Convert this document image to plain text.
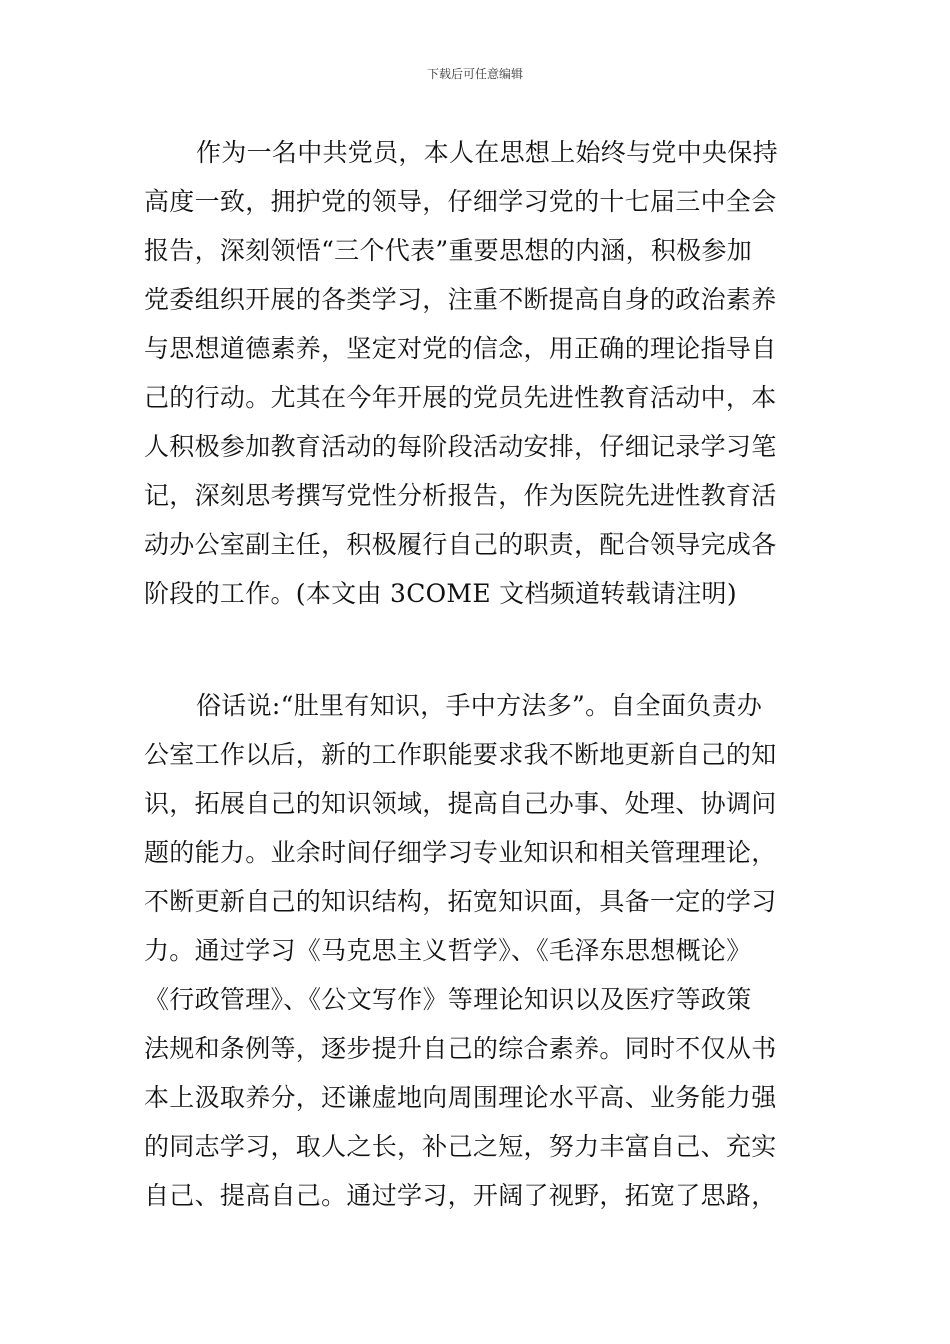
下载后可任意编辑
作为一名中共党员，本人在思想上始终与党中央保持
高度一致，拥护党的领导，仔细学习党的十七届三中全会
报告，深刻领悟“三个代表”重要思想的内涵，积极参加
党委组织开展的各类学习，注重不断提高自身的政治素养
与思想道德素养，坚定对党的信念，用正确的理论指导自
己的行动。尤其在今年开展的党员先进性教育活动中，本
人积极参加教育活动的每阶段活动安排，仔细记录学习笔
记，深刻思考撰写党性分析报告，作为医院先进性教育活
动办公室副主任，积极履行自己的职责，配合领导完成各
阶段的工作。(本文由 3COME 文档频道转载请注明)
俗话说:“肚里有知识，手中方法多”。自全面负责办
公室工作以后，新的工作职能要求我不断地更新自己的知
识，拓展自己的知识领域，提高自己办事、处理、协调问
题的能力。业余时间仔细学习专业知识和相关管理理论，
不断更新自己的知识结构，拓宽知识面，具备一定的学习
力。通过学习《马克思主义哲学》、《毛泽东思想概论》
《行政管理》、《公文写作》等理论知识以及医疗等政策
法规和条例等，逐步提升自己的综合素养。同时不仅从书
本上汲取养分，还谦虚地向周围理论水平高、业务能力强
的同志学习，取人之长，补己之短，努力丰富自己、充实
自己、提高自己。通过学习，开阔了视野，拓宽了思路，
